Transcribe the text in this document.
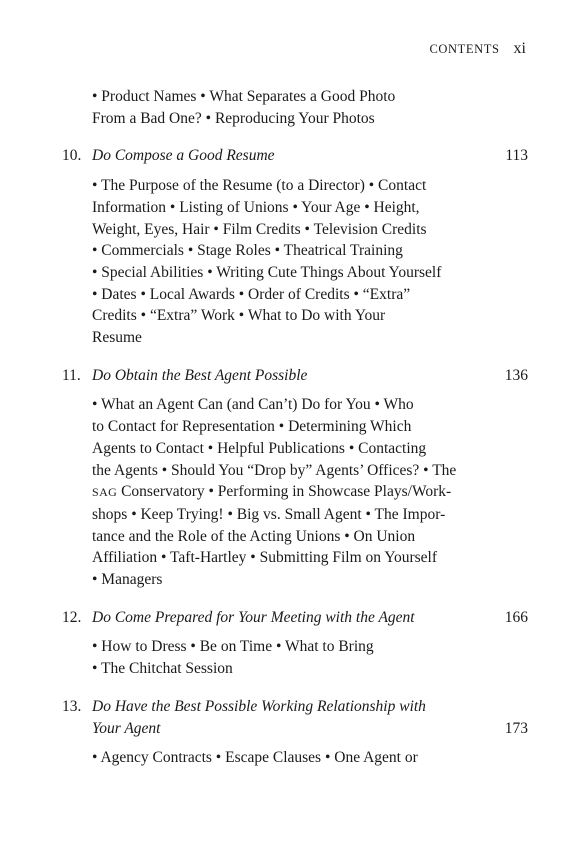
CONTENTS xi
• Product Names • What Separates a Good Photo
From a Bad One? • Reproducing Your Photos
10. Do Compose a Good Resume	113
• The Purpose of the Resume (to a Director) • Contact
Information • Listing of Unions • Your Age • Height,
Weight, Eyes, Hair • Film Credits • Television Credits
• Commercials • Stage Roles • Theatrical Training
• Special Abilities • Writing Cute Things About Yourself
• Dates • Local Awards • Order of Credits • “Extra”
Credits • “Extra” Work • What to Do with Your
Resume
11. Do Obtain the Best Agent Possible	136
• What an Agent Can (and Can’t) Do for You • Who
to Contact for Representation • Determining Which
Agents to Contact • Helpful Publications • Contacting
the Agents • Should You “Drop by” Agents’ Offices? • The
SAG Conservatory • Performing in Showcase Plays/Work-
shops • Keep Trying! • Big vs. Small Agent • The Impor-
tance and the Role of the Acting Unions • On Union
Affiliation • Taft-Hartley • Submitting Film on Yourself
• Managers
12. Do Come Prepared for Your Meeting with the Agent	166
• How to Dress • Be on Time • What to Bring
• The Chitchat Session
13. Do Have the Best Possible Working Relationship with
Your Agent	173
• Agency Contracts • Escape Clauses • One Agent or
